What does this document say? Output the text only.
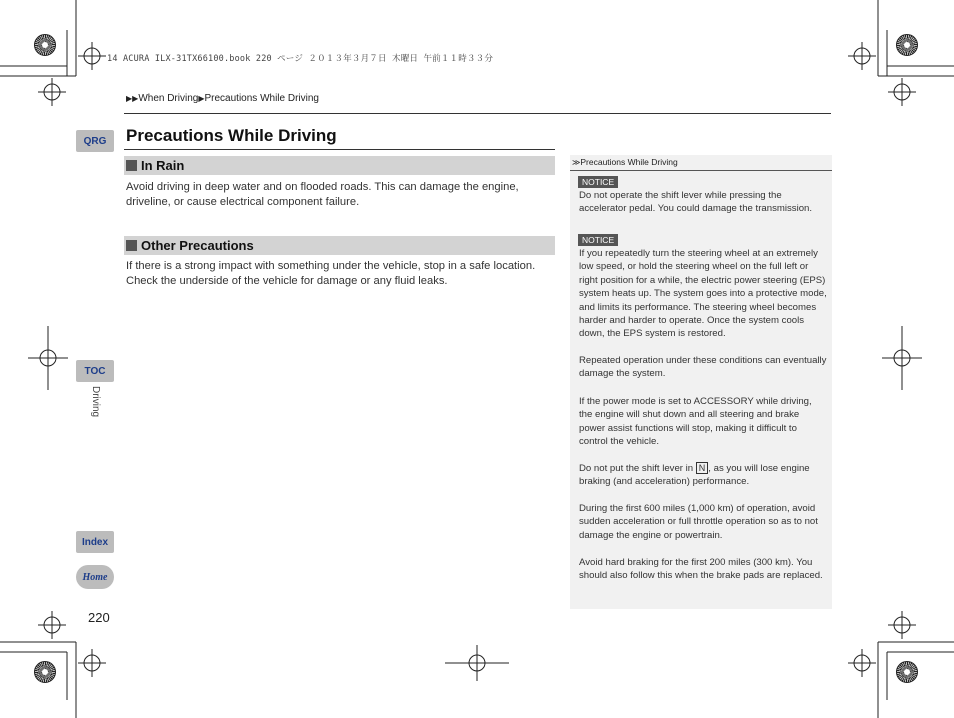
14 ACURA ILX-31TX66100.book 220 ページ ２０１３年３月７日 木曜日 午前１１時３３分
▶▶When Driving▶Precautions While Driving
QRG
TOC
Driving
Index
Home
220
Precautions While Driving
In Rain
Avoid driving in deep water and on flooded roads. This can damage the engine, driveline, or cause electrical component failure.
Other Precautions
If there is a strong impact with something under the vehicle, stop in a safe location. Check the underside of the vehicle for damage or any fluid leaks.
≫Precautions While Driving
NOTICE
Do not operate the shift lever while pressing the accelerator pedal. You could damage the transmission.
NOTICE
If you repeatedly turn the steering wheel at an extremely low speed, or hold the steering wheel on the full left or right position for a while, the electric power steering (EPS) system heats up. The system goes into a protective mode, and limits its performance. The steering wheel becomes harder and harder to operate. Once the system cools down, the EPS system is restored.
Repeated operation under these conditions can eventually damage the system.
If the power mode is set to ACCESSORY while driving, the engine will shut down and all steering and brake power assist functions will stop, making it difficult to control the vehicle.
Do not put the shift lever in N , as you will lose engine braking (and acceleration) performance.
During the first 600 miles (1,000 km) of operation, avoid sudden acceleration or full throttle operation so as to not damage the engine or powertrain.
Avoid hard braking for the first 200 miles (300 km). You should also follow this when the brake pads are replaced.
